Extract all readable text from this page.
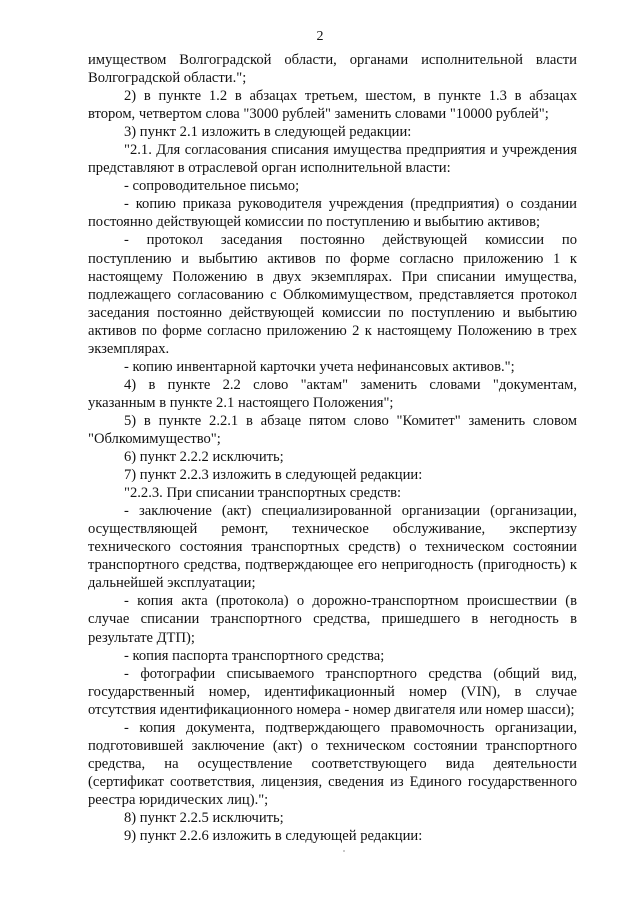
2

имуществом Волгоградской области, органами исполнительной власти Волгоградской области.";

2) в пункте 1.2 в абзацах третьем, шестом, в пункте 1.3 в абзацах втором, четвертом слова "3000 рублей" заменить словами "10000 рублей";

3) пункт 2.1 изложить в следующей редакции:

"2.1. Для согласования списания имущества предприятия и учреждения представляют в отраслевой орган исполнительной власти:

- сопроводительное письмо;

- копию приказа руководителя учреждения (предприятия) о создании постоянно действующей комиссии по поступлению и выбытию активов;

- протокол заседания постоянно действующей комиссии по поступлению и выбытию активов по форме согласно приложению 1 к настоящему Положению в двух экземплярах. При списании имущества, подлежащего согласованию с Облкомимуществом, представляется протокол заседания постоянно действующей комиссии по поступлению и выбытию активов по форме согласно приложению 2 к настоящему Положению в трех экземплярах.

- копию инвентарной карточки учета нефинансовых активов.";

4) в пункте 2.2 слово "актам" заменить словами "документам, указанным в пункте 2.1 настоящего Положения";

5) в пункте 2.2.1 в абзаце пятом слово "Комитет" заменить словом "Облкомимущество";

6) пункт 2.2.2 исключить;

7) пункт 2.2.3 изложить в следующей редакции:

"2.2.3. При списании транспортных средств:

- заключение (акт) специализированной организации (организации, осуществляющей ремонт, техническое обслуживание, экспертизу технического состояния транспортных средств) о техническом состоянии транспортного средства, подтверждающее его непригодность (пригодность) к дальнейшей эксплуатации;

- копия акта (протокола) о дорожно-транспортном происшествии (в случае списании транспортного средства, пришедшего в негодность в результате ДТП);

- копия паспорта транспортного средства;

- фотографии списываемого транспортного средства (общий вид, государственный номер, идентификационный номер (VIN), в случае отсутствия идентификационного номера - номер двигателя или номер шасси);

- копия документа, подтверждающего правомочность организации, подготовившей заключение (акт) о техническом состоянии транспортного средства, на осуществление соответствующего вида деятельности (сертификат соответствия, лицензия, сведения из Единого государственного реестра юридических лиц).";

8) пункт 2.2.5 исключить;

9) пункт 2.2.6 изложить в следующей редакции:
